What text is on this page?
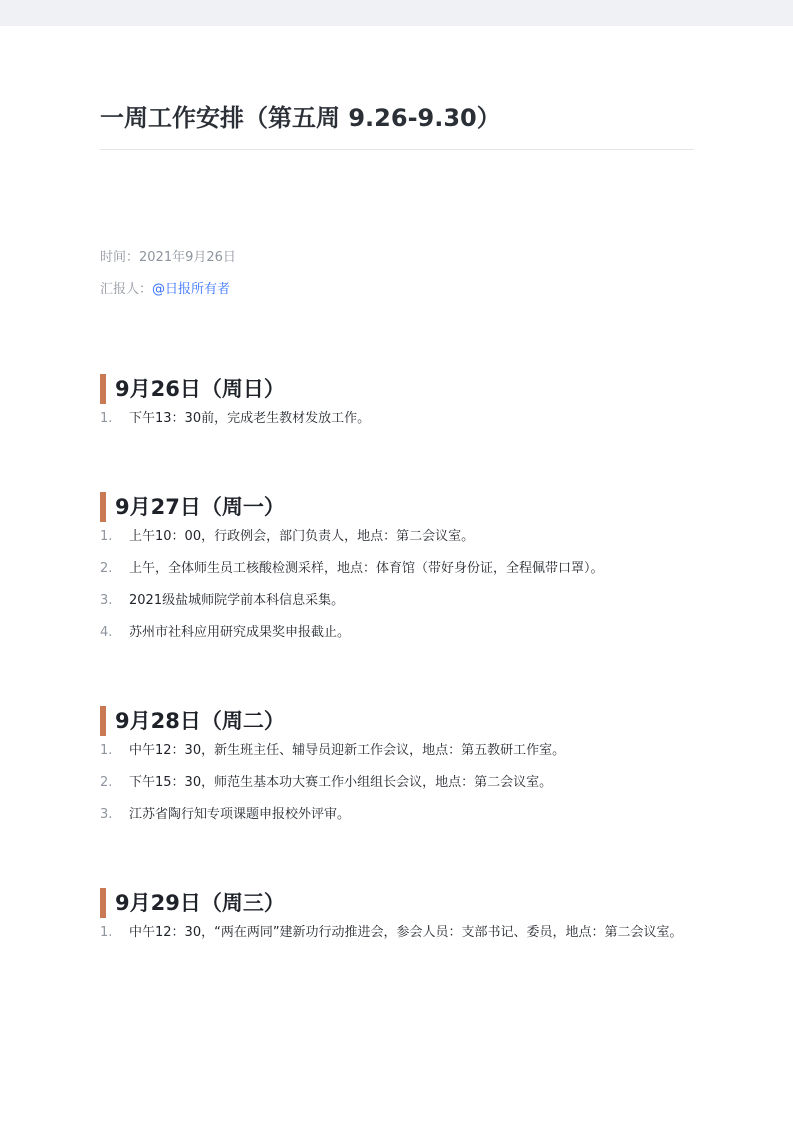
一周工作安排（第五周 9.26-9.30）
时间：2021年9月26日
汇报人：@日报所有者
9月26日（周日）
1. 下午13：30前，完成老生教材发放工作。
9月27日（周一）
1. 上午10：00，行政例会，部门负责人，地点：第二会议室。
2. 上午，全体师生员工核酸检测采样，地点：体育馆（带好身份证，全程佩带口罩）。
3. 2021级盐城师院学前本科信息采集。
4. 苏州市社科应用研究成果奖申报截止。
9月28日（周二）
1. 中午12：30，新生班主任、辅导员迎新工作会议，地点：第五教研工作室。
2. 下午15：30，师范生基本功大赛工作小组组长会议，地点：第二会议室。
3. 江苏省陶行知专项课题申报校外评审。
9月29日（周三）
1. 中午12：30，“两在两同”建新功行动推进会，参会人员：支部书记、委员，地点：第二会议室。
